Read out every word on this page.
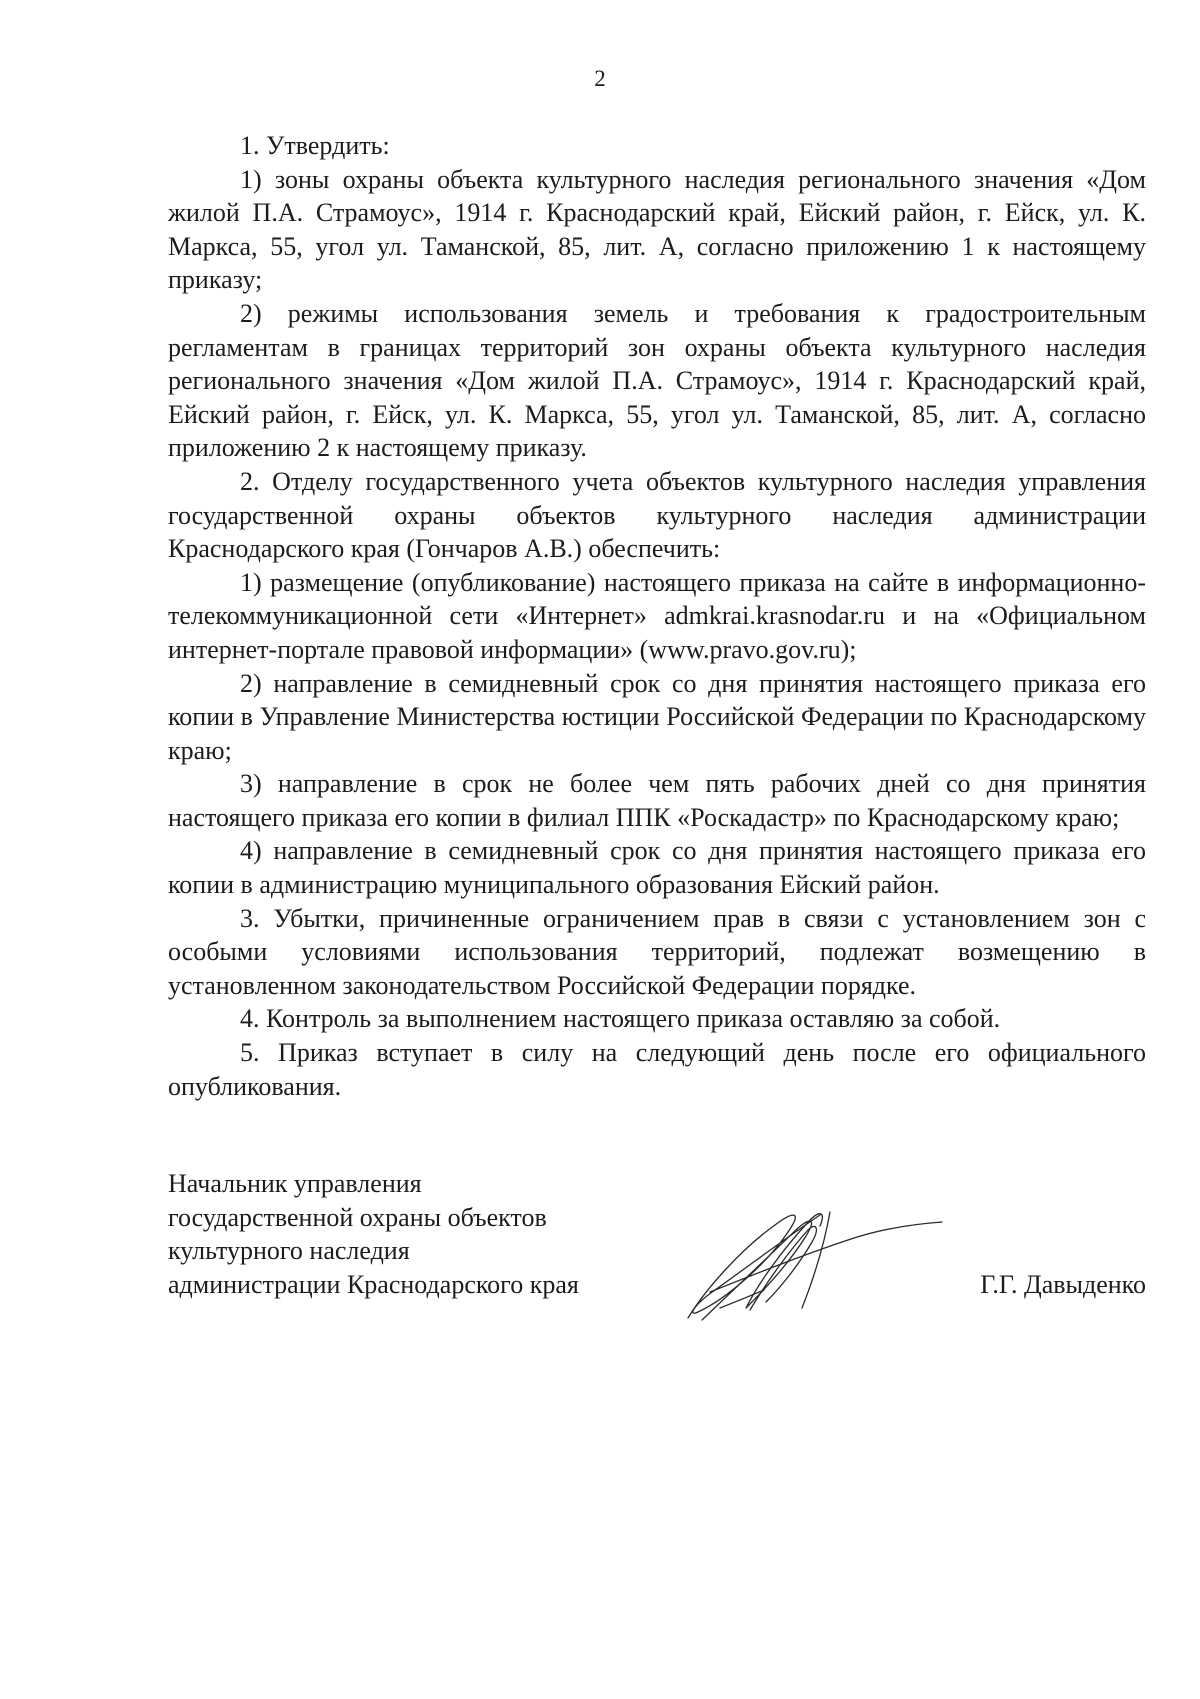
2

1. Утвердить:

1) зоны охраны объекта культурного наследия регионального значения «Дом жилой П.А. Страмоус», 1914 г. Краснодарский край, Ейский район, г. Ейск, ул. К. Маркса, 55, угол ул. Таманской, 85, лит. А, согласно приложению 1 к настоящему приказу;

2) режимы использования земель и требования к градостроительным регламентам в границах территорий зон охраны объекта культурного наследия регионального значения «Дом жилой П.А. Страмоус», 1914 г. Краснодарский край, Ейский район, г. Ейск, ул. К. Маркса, 55, угол ул. Таманской, 85, лит. А, согласно приложению 2 к настоящему приказу.

2. Отделу государственного учета объектов культурного наследия управления государственной охраны объектов культурного наследия администрации Краснодарского края (Гончаров А.В.) обеспечить:

1) размещение (опубликование) настоящего приказа на сайте в информационно-телекоммуникационной сети «Интернет» admkrai.krasnodar.ru и на «Официальном интернет-портале правовой информации» (www.pravo.gov.ru);

2) направление в семидневный срок со дня принятия настоящего приказа его копии в Управление Министерства юстиции Российской Федерации по Краснодарскому краю;

3) направление в срок не более чем пять рабочих дней со дня принятия настоящего приказа его копии в филиал ППК «Роскадастр» по Краснодарскому краю;

4) направление в семидневный срок со дня принятия настоящего приказа его копии в администрацию муниципального образования Ейский район.

3. Убытки, причиненные ограничением прав в связи с установлением зон с особыми условиями использования территорий, подлежат возмещению в установленном законодательством Российской Федерации порядке.

4. Контроль за выполнением настоящего приказа оставляю за собой.

5. Приказ вступает в силу на следующий день после его официального опубликования.

Начальник управления
государственной охраны объектов
культурного наследия
администрации Краснодарского края	Г.Г. Давыденко
